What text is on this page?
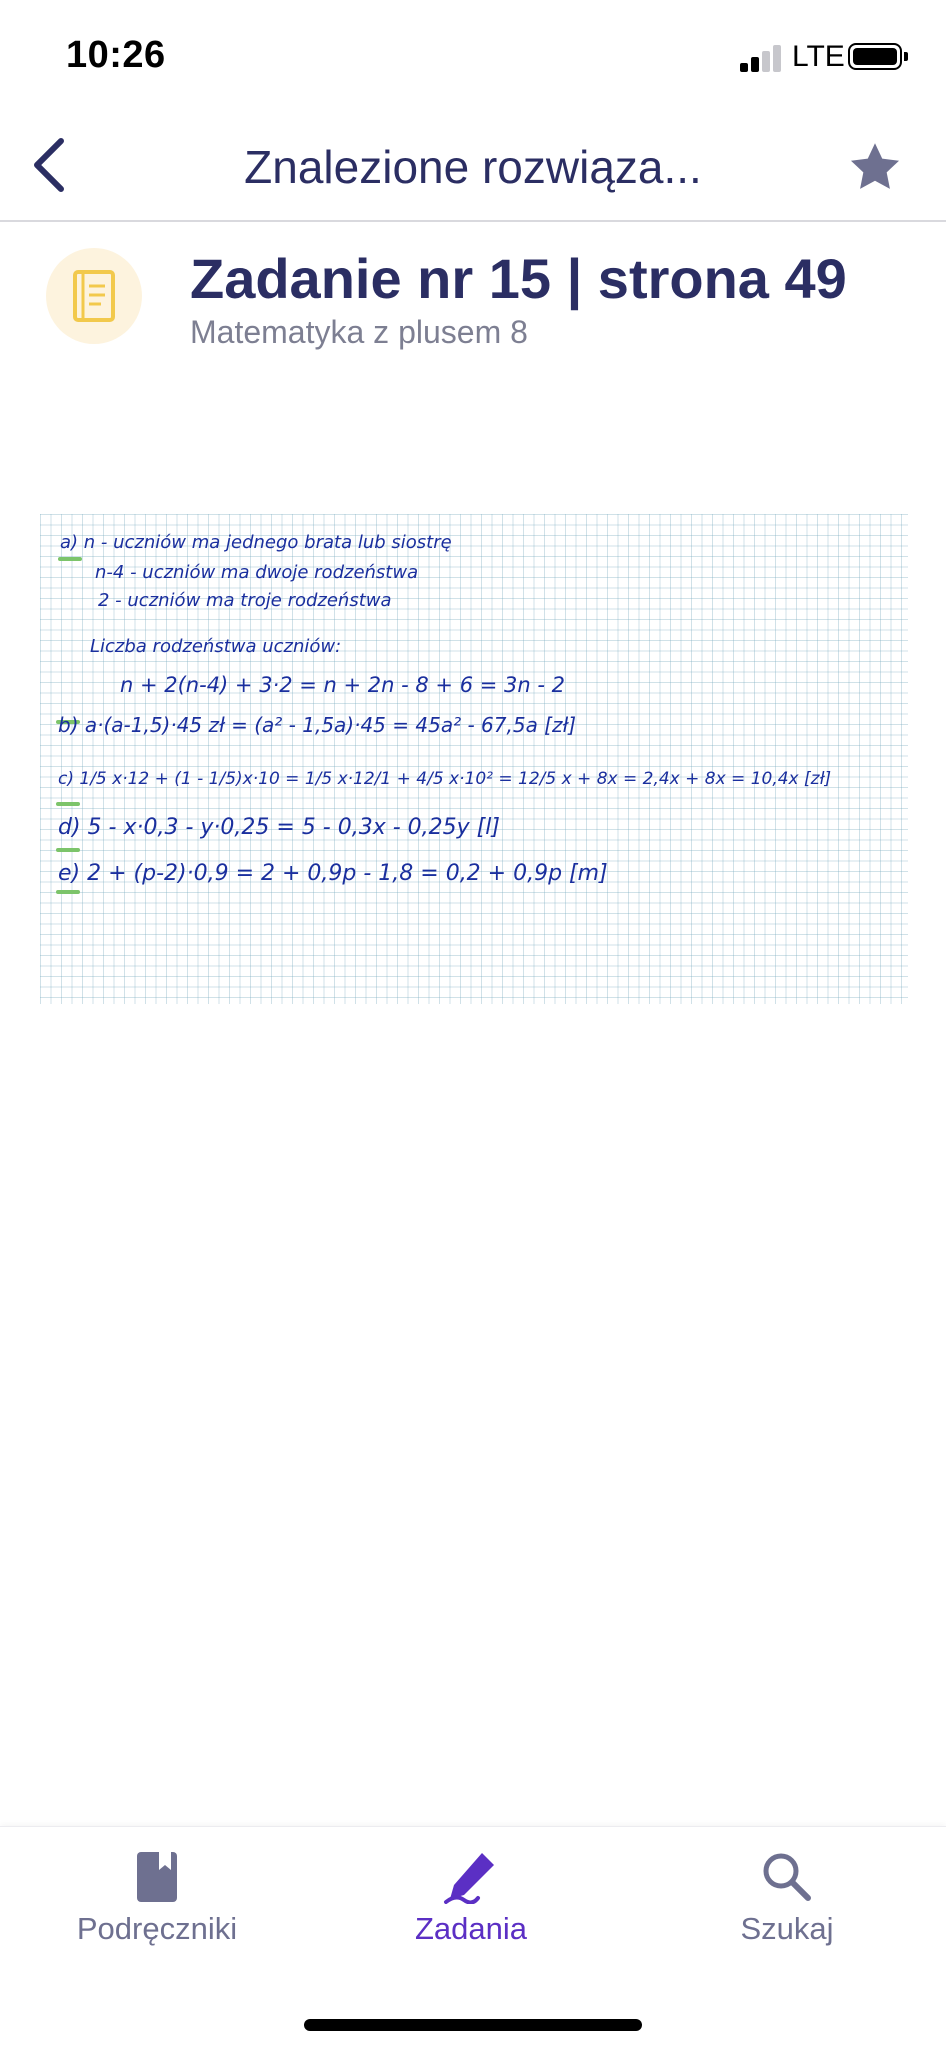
10:26	LTE
Znalezione rozwiąza...
Zadanie nr 15 | strona 49
Matematyka z plusem 8
a) n - uczniów ma jednego brata lub siostrę
n-4 - uczniów ma dwoje rodzeństwa
2 - uczniów ma troje rodzeństwa
Liczba rodzeństwa uczniów:
n + 2(n-4) + 3·2 = n + 2n - 8 + 6 = 3n - 2
b) a·(a-1,5)·45 zł = (a² - 1,5a)·45 = 45a² - 67,5a [zł]
c) 1/5 x·12 + (1 - 1/5)x·10 = 1/5 x·12/1 + 4/5 x·10² = 12/5 x + 8x = 2,4x + 8x = 10,4x [zł]
d) 5 - x·0,3 - y·0,25 = 5 - 0,3x - 0,25y [l]
e) 2 + (p-2)·0,9 = 2 + 0,9p - 1,8 = 0,2 + 0,9p [m]
Podręczniki	Zadania	Szukaj
